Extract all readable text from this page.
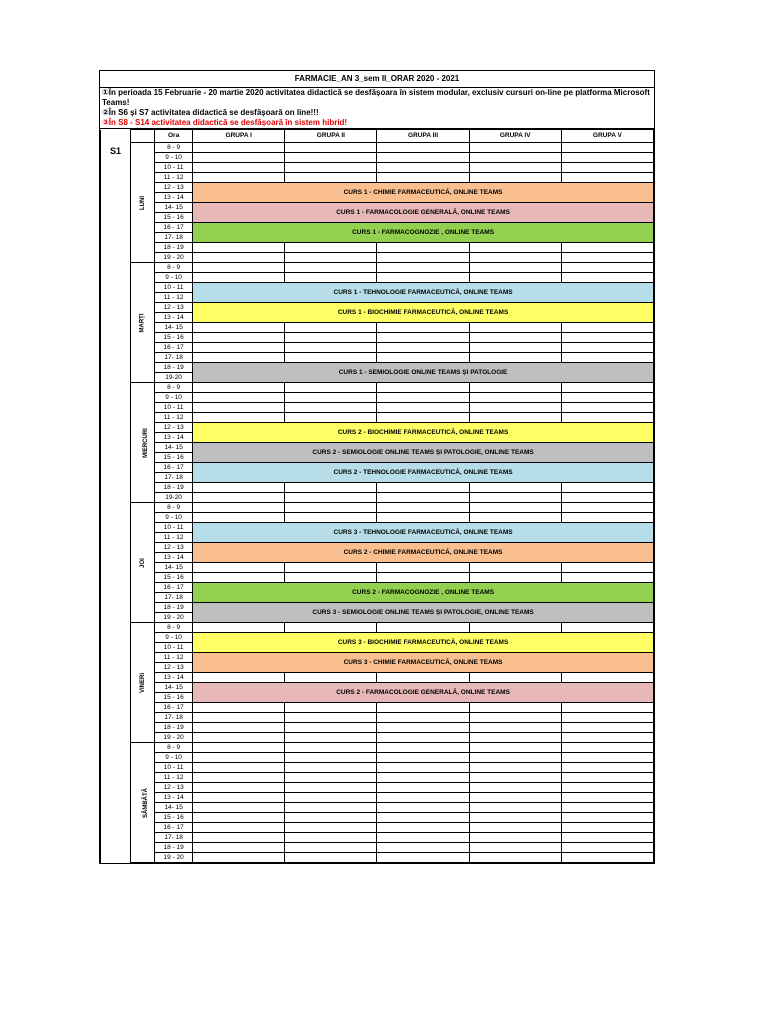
FARMACIE_AN 3_sem II_ORAR 2020 - 2021
①În perioada 15 Februarie - 20 martie 2020 activitatea didactică se desfășoara în sistem modular, exclusiv cursuri on-line pe platforma Microsoft Teams!
②În S6 și S7 activitatea didactică se desfășoară on line!!!
③În S8 - S14 activitatea didactică se desfășoară în sistem hibrid!
		Ora	GRUPA I	GRUPA II	GRUPA III	GRUPA IV	GRUPA V
S1	LUNI	8 - 9					
		9 - 10					
		10 - 11					
		11 - 12					
		12 - 13	CURS 1 - CHIMIE FARMACEUTICĂ, ONLINE TEAMS				
		13 - 14					
		14- 15	CURS 1 - FARMACOLOGIE GENERALĂ, ONLINE TEAMS				
		15 - 16					
		16 - 17	CURS 1 - FARMACOGNOZIE , ONLINE TEAMS				
		17- 18					
		18 - 19					
		19 - 20					
	MARȚI	8 - 9					
		9 - 10					
		10 - 11	CURS 1 - TEHNOLOGIE FARMACEUTICĂ, ONLINE TEAMS				
		11 - 12					
		12 - 13	CURS 1 - BIOCHIMIE FARMACEUTICĂ, ONLINE TEAMS				
		13 - 14					
		14- 15					
		15 - 16					
		16 - 17					
		17- 18					
		18 - 19	CURS 1 - SEMIOLOGIE ONLINE TEAMS ȘI PATOLOGIE				
		19-20					
	MIERCURI	8 - 9					
		9 - 10					
		10 - 11					
		11 - 12					
		12 - 13	CURS 2 - BIOCHIMIE FARMACEUTICĂ, ONLINE TEAMS				
		13 - 14					
		14- 15	CURS 2 - SEMIOLOGIE ONLINE TEAMS ȘI PATOLOGIE, ONLINE TEAMS				
		15 - 16					
		16 - 17	CURS 2 - TEHNOLOGIE FARMACEUTICĂ, ONLINE TEAMS				
		17- 18					
		18 - 19					
		19-20					
	JOI	8 - 9					
		9 - 10					
		10 - 11	CURS 3 - TEHNOLOGIE FARMACEUTICĂ, ONLINE TEAMS				
		11 - 12					
		12 - 13	CURS 2 - CHIMIE FARMACEUTICĂ, ONLINE TEAMS				
		13 - 14					
		14- 15					
		15 - 16					
		16 - 17	CURS 2 - FARMACOGNOZIE , ONLINE TEAMS				
		17- 18					
		18 - 19	CURS 3 - SEMIOLOGIE ONLINE TEAMS ȘI PATOLOGIE, ONLINE TEAMS				
		19 - 20					
	VINERI	8 - 9					
		9 - 10	CURS 3 - BIOCHIMIE FARMACEUTICĂ, ONLINE TEAMS				
		10 - 11					
		11 - 12	CURS 3 - CHIMIE FARMACEUTICĂ, ONLINE TEAMS				
		12 - 13					
		13 - 14					
		14- 15	CURS 2 - FARMACOLOGIE GENERALĂ, ONLINE TEAMS				
		15 - 16					
		16 - 17					
		17- 18					
		18 - 19					
		19 - 20					
	SÂMBĂTĂ	8 - 9					
		9 - 10					
		10 - 11					
		11 - 12					
		12 - 13					
		13 - 14					
		14- 15					
		15 - 16					
		16 - 17					
		17- 18					
		18 - 19					
		19 - 20					
